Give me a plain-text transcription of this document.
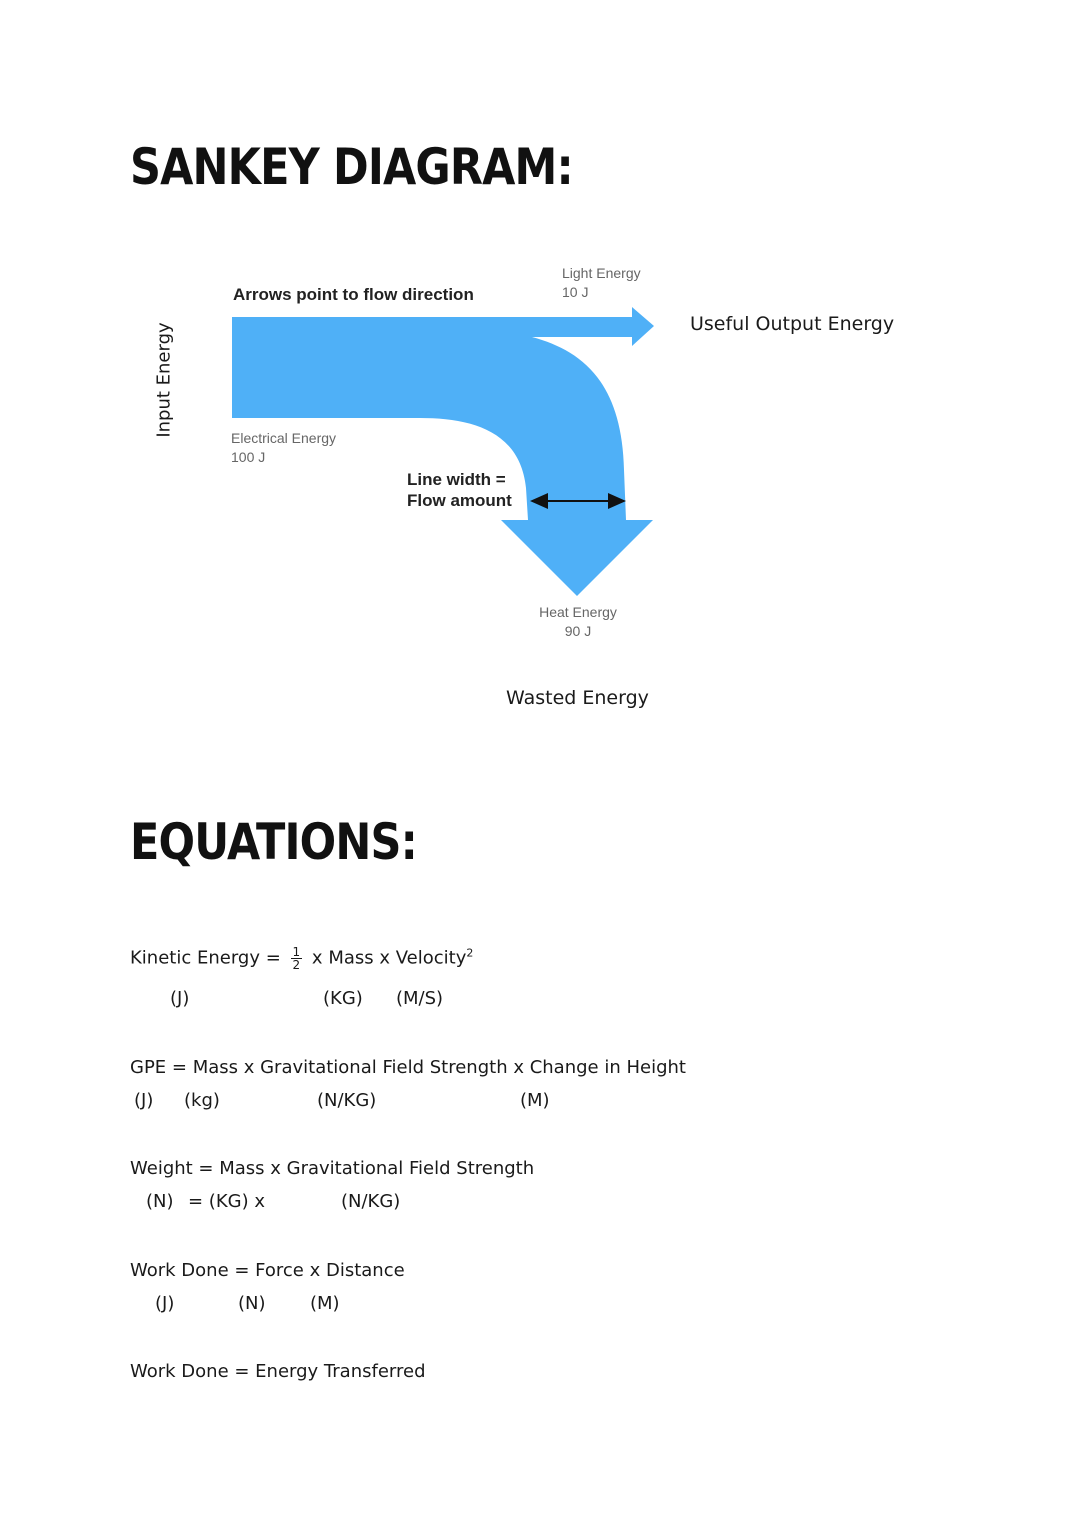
SANKEY DIAGRAM:
Arrows point to flow direction
Input Energy
Light Energy
10 J
Electrical Energy
100 J
Line width =
Flow amount
Heat Energy
90 J
Useful Output Energy
Wasted Energy
EQUATIONS:
Kinetic Energy = $\frac{1}{2}$ x Mass x Velocity$^2$
(J)	(KG) (M/S)
GPE = Mass x Gravitational Field Strength x Change in Height
(J) (kg)	(N/KG)	(M)
Weight = Mass x Gravitational Field Strength
(N) = (KG) x	(N/KG)
Work Done = Force x Distance
(J)	(N) (M)
Work Done = Energy Transferred
